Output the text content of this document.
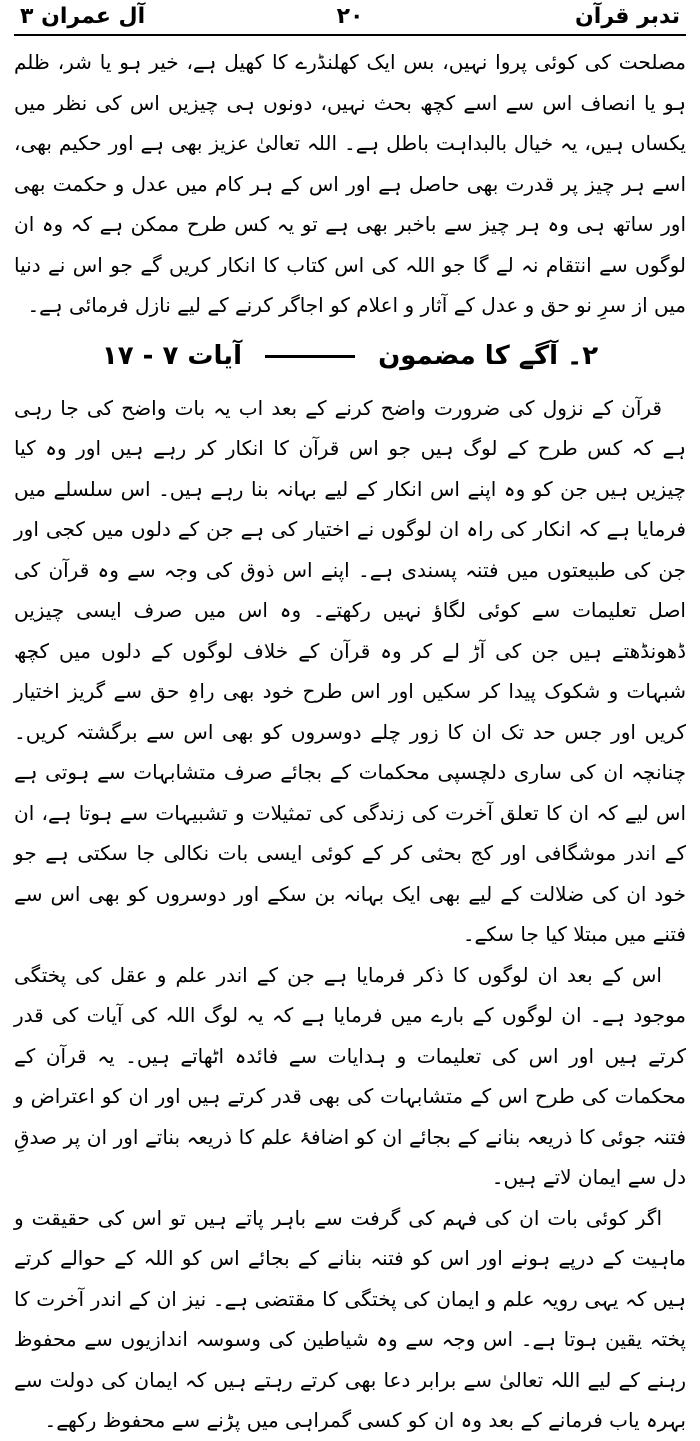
آل عمران ۳	۲۰	تدبر قرآن

مصلحت کی کوئی پروا نہیں، بس ایک کھلنڈرے کا کھیل ہے، خیر ہو یا شر، ظلم ہو یا انصاف اس سے اسے کچھ بحث نہیں، دونوں ہی چیزیں اس کی نظر میں یکساں ہیں، یہ خیال بالبداہت باطل ہے۔ اللہ تعالیٰ عزیز بھی ہے اور حکیم بھی، اسے ہر چیز پر قدرت بھی حاصل ہے اور اس کے ہر کام میں عدل و حکمت بھی اور ساتھ ہی وہ ہر چیز سے باخبر بھی ہے تو یہ کس طرح ممکن ہے کہ وہ ان لوگوں سے انتقام نہ لے گا جو اللہ کی اس کتاب کا انکار کریں گے جو اس نے دنیا میں از سرِ نو حق و عدل کے آثار و اعلام کو اجاگر کرنے کے لیے نازل فرمائی ہے۔

۲۔ آگے کا مضمون  آیات ۷ - ۱۷

قرآن کے نزول کی ضرورت واضح کرنے کے بعد اب یہ بات واضح کی جا رہی ہے کہ کس طرح کے لوگ ہیں جو اس قرآن کا انکار کر رہے ہیں اور وہ کیا چیزیں ہیں جن کو وہ اپنے اس انکار کے لیے بہانہ بنا رہے ہیں۔ اس سلسلے میں فرمایا ہے کہ انکار کی راہ ان لوگوں نے اختیار کی ہے جن کے دلوں میں کجی اور جن کی طبیعتوں میں فتنہ پسندی ہے۔ اپنے اس ذوق کی وجہ سے وہ قرآن کی اصل تعلیمات سے کوئی لگاؤ نہیں رکھتے۔ وہ اس میں صرف ایسی چیزیں ڈھونڈھتے ہیں جن کی آڑ لے کر وہ قرآن کے خلاف لوگوں کے دلوں میں کچھ شبہات و شکوک پیدا کر سکیں اور اس طرح خود بھی راہِ حق سے گریز اختیار کریں اور جس حد تک ان کا زور چلے دوسروں کو بھی اس سے برگشتہ کریں۔ چنانچہ ان کی ساری دلچسپی محکمات کے بجائے صرف متشابہات سے ہوتی ہے اس لیے کہ ان کا تعلق آخرت کی زندگی کی تمثیلات و تشبیہات سے ہوتا ہے، ان کے اندر موشگافی اور کج بحثی کر کے کوئی ایسی بات نکالی جا سکتی ہے جو خود ان کی ضلالت کے لیے بھی ایک بہانہ بن سکے اور دوسروں کو بھی اس سے فتنے میں مبتلا کیا جا سکے۔

اس کے بعد ان لوگوں کا ذکر فرمایا ہے جن کے اندر علم و عقل کی پختگی موجود ہے۔ ان لوگوں کے بارے میں فرمایا ہے کہ یہ لوگ اللہ کی آیات کی قدر کرتے ہیں اور اس کی تعلیمات و ہدایات سے فائدہ اٹھاتے ہیں۔ یہ قرآن کے محکمات کی طرح اس کے متشابہات کی بھی قدر کرتے ہیں اور ان کو اعتراض و فتنہ جوئی کا ذریعہ بنانے کے بجائے ان کو اضافۂ علم کا ذریعہ بناتے اور ان پر صدقِ دل سے ایمان لاتے ہیں۔

اگر کوئی بات ان کی فہم کی گرفت سے باہر پاتے ہیں تو اس کی حقیقت و ماہیت کے درپے ہونے اور اس کو فتنہ بنانے کے بجائے اس کو اللہ کے حوالے کرتے ہیں کہ یہی رویہ علم و ایمان کی پختگی کا مقتضی ہے۔ نیز ان کے اندر آخرت کا پختہ یقین ہوتا ہے۔ اس وجہ سے وہ شیاطین کی وسوسہ اندازیوں سے محفوظ رہنے کے لیے اللہ تعالیٰ سے برابر دعا بھی کرتے رہتے ہیں کہ ایمان کی دولت سے بہرہ یاب فرمانے کے بعد وہ ان کو کسی گمراہی میں پڑنے سے محفوظ رکھے۔
